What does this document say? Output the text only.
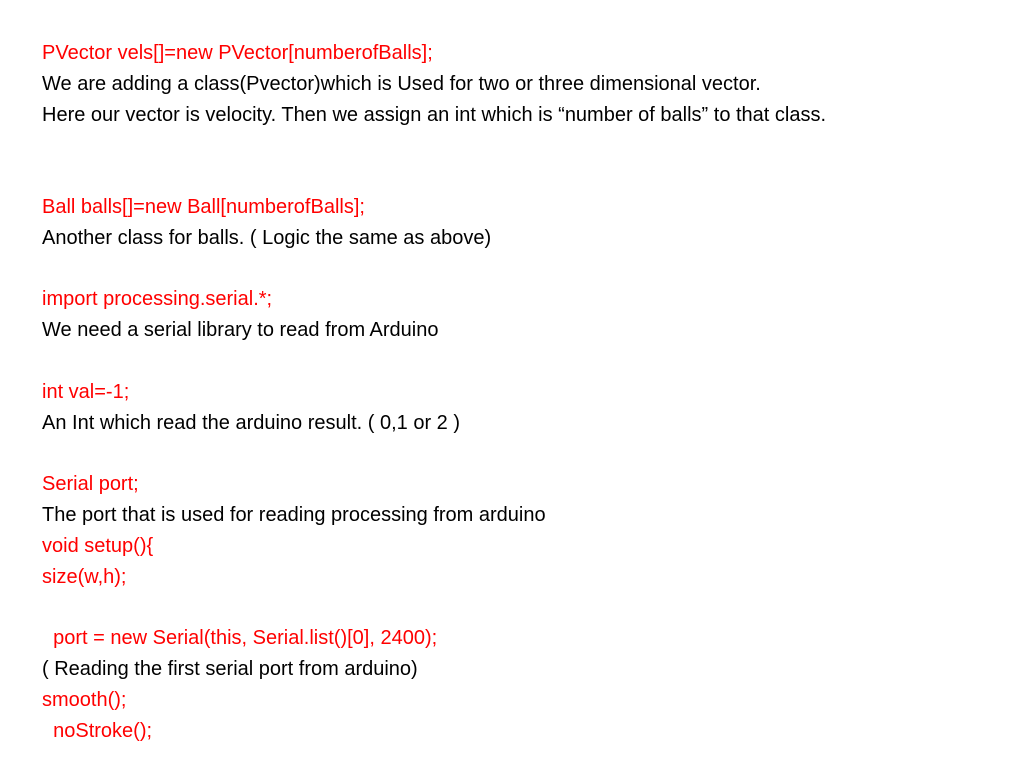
PVector vels[]=new PVector[numberofBalls];
We are adding a class(Pvector)which is Used for two or three dimensional vector.
Here our vector is velocity. Then we assign an int which is “number of balls” to that class.
Ball balls[]=new Ball[numberofBalls];
Another class for balls. ( Logic the same as above)
import processing.serial.*;
We need a serial library to read from Arduino
int val=-1;
An Int which read the arduino result. ( 0,1 or 2 )
Serial port;
The port that is used for reading processing from arduino
void setup(){
size(w,h);
port = new Serial(this, Serial.list()[0], 2400);
( Reading the first serial port from arduino)
smooth();
noStroke();
